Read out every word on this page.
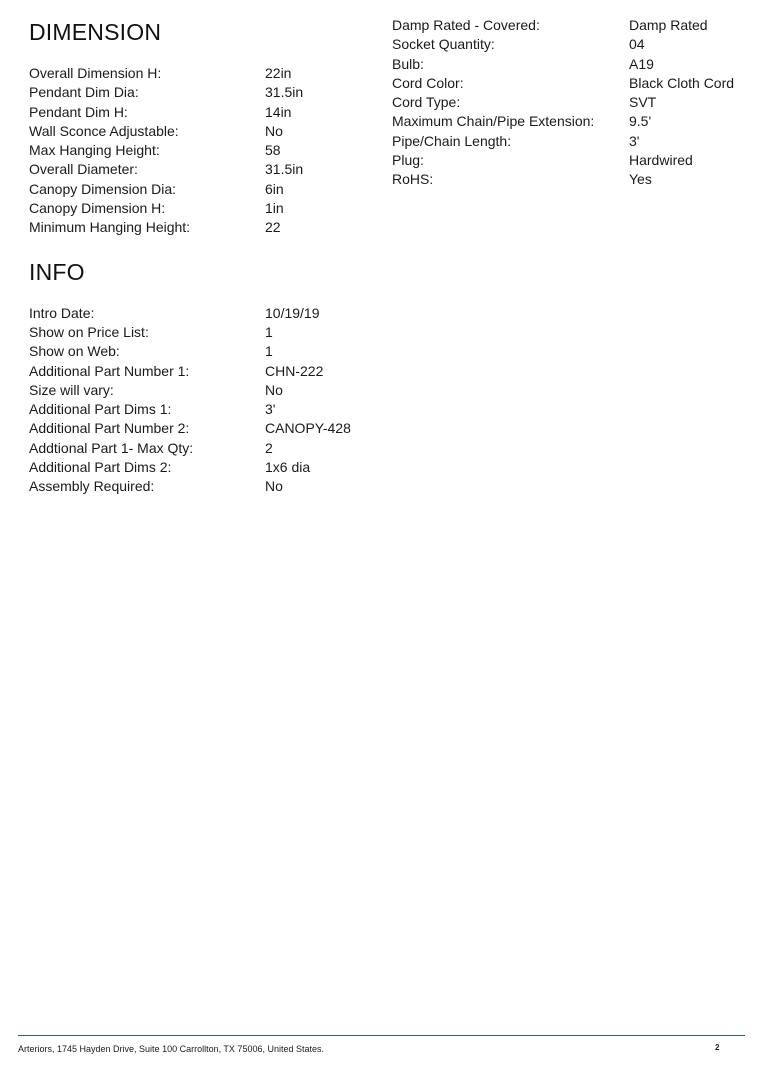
DIMENSION
Overall Dimension H:	22in
Pendant Dim Dia:	31.5in
Pendant Dim H:	14in
Wall Sconce Adjustable:	No
Max Hanging Height:	58
Overall Diameter:	31.5in
Canopy Dimension Dia:	6in
Canopy Dimension H:	1in
Minimum Hanging Height:	22
INFO
Intro Date:	10/19/19
Show on Price List:	1
Show on Web:	1
Additional Part Number 1:	CHN-222
Size will vary:	No
Additional Part Dims 1:	3'
Additional Part Number 2:	CANOPY-428
Addtional Part 1- Max Qty:	2
Additional Part Dims 2:	1x6 dia
Assembly Required:	No
Damp Rated - Covered:	Damp Rated
Socket Quantity:	04
Bulb:	A19
Cord Color:	Black Cloth Cord
Cord Type:	SVT
Maximum Chain/Pipe Extension:	9.5'
Pipe/Chain Length:	3'
Plug:	Hardwired
RoHS:	Yes
Arteriors, 1745 Hayden Drive, Suite 100 Carrollton, TX 75006, United States.	2
